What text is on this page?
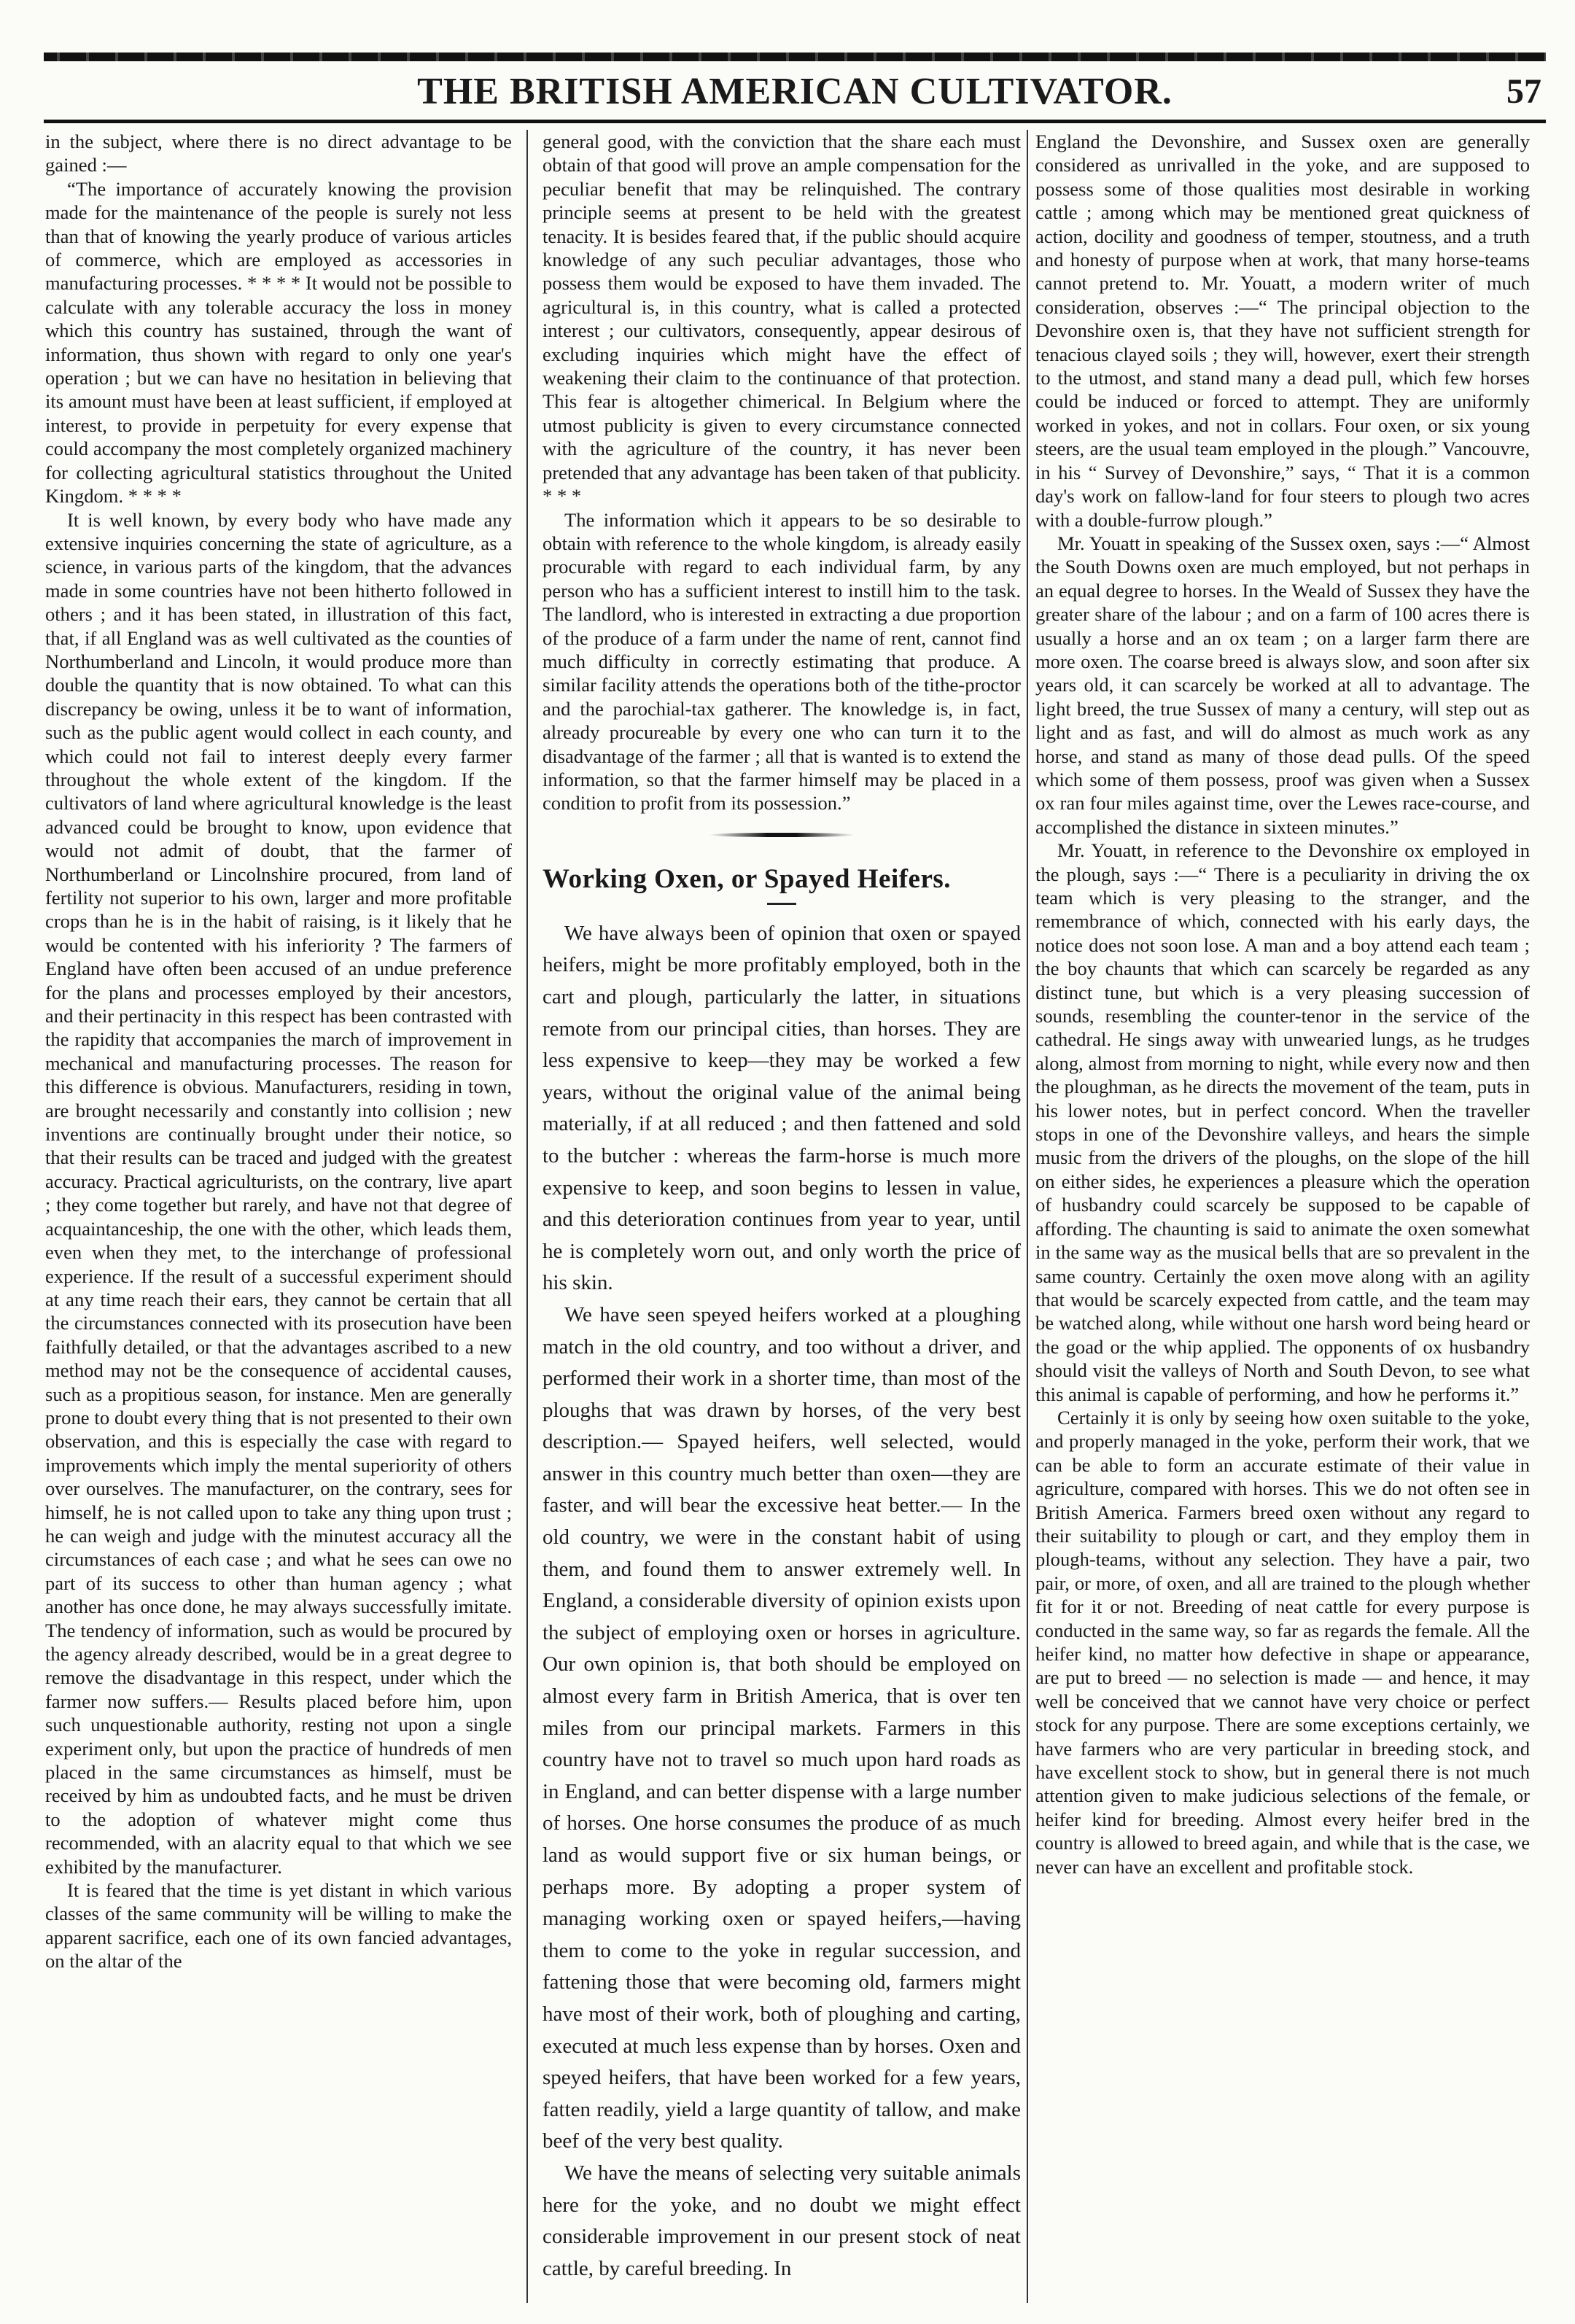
THE BRITISH AMERICAN CULTIVATOR.	57

in the subject, where there is no direct advantage to be gained :—

“The importance of accurately knowing the provision made for the maintenance of the people is surely not less than that of knowing the yearly produce of various articles of commerce, which are employed as accessories in manufacturing processes. * * * * It would not be possible to calculate with any tolerable accuracy the loss in money which this country has sustained, through the want of information, thus shown with regard to only one year's operation ; but we can have no hesitation in believing that its amount must have been at least sufficient, if employed at interest, to provide in perpetuity for every expense that could accompany the most completely organized machinery for collecting agricultural statistics throughout the United Kingdom. * * * *

It is well known, by every body who have made any extensive inquiries concerning the state of agriculture, as a science, in various parts of the kingdom, that the advances made in some countries have not been hitherto followed in others ; and it has been stated, in illustration of this fact, that, if all England was as well cultivated as the counties of Northumberland and Lincoln, it would produce more than double the quantity that is now obtained. To what can this discrepancy be owing, unless it be to want of information, such as the public agent would collect in each county, and which could not fail to interest deeply every farmer throughout the whole extent of the kingdom. If the cultivators of land where agricultural knowledge is the least advanced could be brought to know, upon evidence that would not admit of doubt, that the farmer of Northumberland or Lincolnshire procured, from land of fertility not superior to his own, larger and more profitable crops than he is in the habit of raising, is it likely that he would be contented with his inferiority ? The farmers of England have often been accused of an undue preference for the plans and processes employed by their ancestors, and their pertinacity in this respect has been contrasted with the rapidity that accompanies the march of improvement in mechanical and manufacturing processes. The reason for this difference is obvious. Manufacturers, residing in town, are brought necessarily and constantly into collision ; new inventions are continually brought under their notice, so that their results can be traced and judged with the greatest accuracy. Practical agriculturists, on the contrary, live apart ; they come together but rarely, and have not that degree of acquaintanceship, the one with the other, which leads them, even when they met, to the interchange of professional experience. If the result of a successful experiment should at any time reach their ears, they cannot be certain that all the circumstances connected with its prosecution have been faithfully detailed, or that the advantages ascribed to a new method may not be the consequence of accidental causes, such as a propitious season, for instance. Men are generally prone to doubt every thing that is not presented to their own observation, and this is especially the case with regard to improvements which imply the mental superiority of others over ourselves. The manufacturer, on the contrary, sees for himself, he is not called upon to take any thing upon trust ; he can weigh and judge with the minutest accuracy all the circumstances of each case ; and what he sees can owe no part of its success to other than human agency ; what another has once done, he may always successfully imitate. The tendency of information, such as would be procured by the agency already described, would be in a great degree to remove the disadvantage in this respect, under which the farmer now suffers.— Results placed before him, upon such unquestionable authority, resting not upon a single experiment only, but upon the practice of hundreds of men placed in the same circumstances as himself, must be received by him as undoubted facts, and he must be driven to the adoption of whatever might come thus recommended, with an alacrity equal to that which we see exhibited by the manufacturer.

It is feared that the time is yet distant in which various classes of the same community will be willing to make the apparent sacrifice, each one of its own fancied advantages, on the altar of the

general good, with the conviction that the share each must obtain of that good will prove an ample compensation for the peculiar benefit that may be relinquished. The contrary principle seems at present to be held with the greatest tenacity. It is besides feared that, if the public should acquire knowledge of any such peculiar advantages, those who possess them would be exposed to have them invaded. The agricultural is, in this country, what is called a protected interest ; our cultivators, consequently, appear desirous of excluding inquiries which might have the effect of weakening their claim to the continuance of that protection. This fear is altogether chimerical. In Belgium where the utmost publicity is given to every circumstance connected with the agriculture of the country, it has never been pretended that any advantage has been taken of that publicity. * * *

The information which it appears to be so desirable to obtain with reference to the whole kingdom, is already easily procurable with regard to each individual farm, by any person who has a sufficient interest to instill him to the task. The landlord, who is interested in extracting a due proportion of the produce of a farm under the name of rent, cannot find much difficulty in correctly estimating that produce. A similar facility attends the operations both of the tithe-proctor and the parochial-tax gatherer. The knowledge is, in fact, already procureable by every one who can turn it to the disadvantage of the farmer ; all that is wanted is to extend the information, so that the farmer himself may be placed in a condition to profit from its possession.”

Working Oxen, or Spayed Heifers.

We have always been of opinion that oxen or spayed heifers, might be more profitably employed, both in the cart and plough, particularly the latter, in situations remote from our principal cities, than horses. They are less expensive to keep—they may be worked a few years, without the original value of the animal being materially, if at all reduced ; and then fattened and sold to the butcher : whereas the farm-horse is much more expensive to keep, and soon begins to lessen in value, and this deterioration continues from year to year, until he is completely worn out, and only worth the price of his skin.

We have seen speyed heifers worked at a ploughing match in the old country, and too without a driver, and performed their work in a shorter time, than most of the ploughs that was drawn by horses, of the very best description.— Spayed heifers, well selected, would answer in this country much better than oxen—they are faster, and will bear the excessive heat better.— In the old country, we were in the constant habit of using them, and found them to answer extremely well. In England, a considerable diversity of opinion exists upon the subject of employing oxen or horses in agriculture. Our own opinion is, that both should be employed on almost every farm in British America, that is over ten miles from our principal markets. Farmers in this country have not to travel so much upon hard roads as in England, and can better dispense with a large number of horses. One horse consumes the produce of as much land as would support five or six human beings, or perhaps more. By adopting a proper system of managing working oxen or spayed heifers,—having them to come to the yoke in regular succession, and fattening those that were becoming old, farmers might have most of their work, both of ploughing and carting, executed at much less expense than by horses. Oxen and speyed heifers, that have been worked for a few years, fatten readily, yield a large quantity of tallow, and make beef of the very best quality.

We have the means of selecting very suitable animals here for the yoke, and no doubt we might effect considerable improvement in our present stock of neat cattle, by careful breeding. In

England the Devonshire, and Sussex oxen are generally considered as unrivalled in the yoke, and are supposed to possess some of those qualities most desirable in working cattle ; among which may be mentioned great quickness of action, docility and goodness of temper, stoutness, and a truth and honesty of purpose when at work, that many horse-teams cannot pretend to. Mr. Youatt, a modern writer of much consideration, observes :—“ The principal objection to the Devonshire oxen is, that they have not sufficient strength for tenacious clayed soils ; they will, however, exert their strength to the utmost, and stand many a dead pull, which few horses could be induced or forced to attempt. They are uniformly worked in yokes, and not in collars. Four oxen, or six young steers, are the usual team employed in the plough.” Vancouvre, in his “ Survey of Devonshire,” says, “ That it is a common day's work on fallow-land for four steers to plough two acres with a double-furrow plough.”

Mr. Youatt in speaking of the Sussex oxen, says :—“ Almost the South Downs oxen are much employed, but not perhaps in an equal degree to horses. In the Weald of Sussex they have the greater share of the labour ; and on a farm of 100 acres there is usually a horse and an ox team ; on a larger farm there are more oxen. The coarse breed is always slow, and soon after six years old, it can scarcely be worked at all to advantage. The light breed, the true Sussex of many a century, will step out as light and as fast, and will do almost as much work as any horse, and stand as many of those dead pulls. Of the speed which some of them possess, proof was given when a Sussex ox ran four miles against time, over the Lewes race-course, and accomplished the distance in sixteen minutes.”

Mr. Youatt, in reference to the Devonshire ox employed in the plough, says :—“ There is a peculiarity in driving the ox team which is very pleasing to the stranger, and the remembrance of which, connected with his early days, the notice does not soon lose. A man and a boy attend each team ; the boy chaunts that which can scarcely be regarded as any distinct tune, but which is a very pleasing succession of sounds, resembling the counter-tenor in the service of the cathedral. He sings away with unwearied lungs, as he trudges along, almost from morning to night, while every now and then the ploughman, as he directs the movement of the team, puts in his lower notes, but in perfect concord. When the traveller stops in one of the Devonshire valleys, and hears the simple music from the drivers of the ploughs, on the slope of the hill on either sides, he experiences a pleasure which the operation of husbandry could scarcely be supposed to be capable of affording. The chaunting is said to animate the oxen somewhat in the same way as the musical bells that are so prevalent in the same country. Certainly the oxen move along with an agility that would be scarcely expected from cattle, and the team may be watched along, while without one harsh word being heard or the goad or the whip applied. The opponents of ox husbandry should visit the valleys of North and South Devon, to see what this animal is capable of performing, and how he performs it.”

Certainly it is only by seeing how oxen suitable to the yoke, and properly managed in the yoke, perform their work, that we can be able to form an accurate estimate of their value in agriculture, compared with horses. This we do not often see in British America. Farmers breed oxen without any regard to their suitability to plough or cart, and they employ them in plough-teams, without any selection. They have a pair, two pair, or more, of oxen, and all are trained to the plough whether fit for it or not. Breeding of neat cattle for every purpose is conducted in the same way, so far as regards the female. All the heifer kind, no matter how defective in shape or appearance, are put to breed — no selection is made — and hence, it may well be conceived that we cannot have very choice or perfect stock for any purpose. There are some exceptions certainly, we have farmers who are very particular in breeding stock, and have excellent stock to show, but in general there is not much attention given to make judicious selections of the female, or heifer kind for breeding. Almost every heifer bred in the country is allowed to breed again, and while that is the case, we never can have an excellent and profitable stock.
